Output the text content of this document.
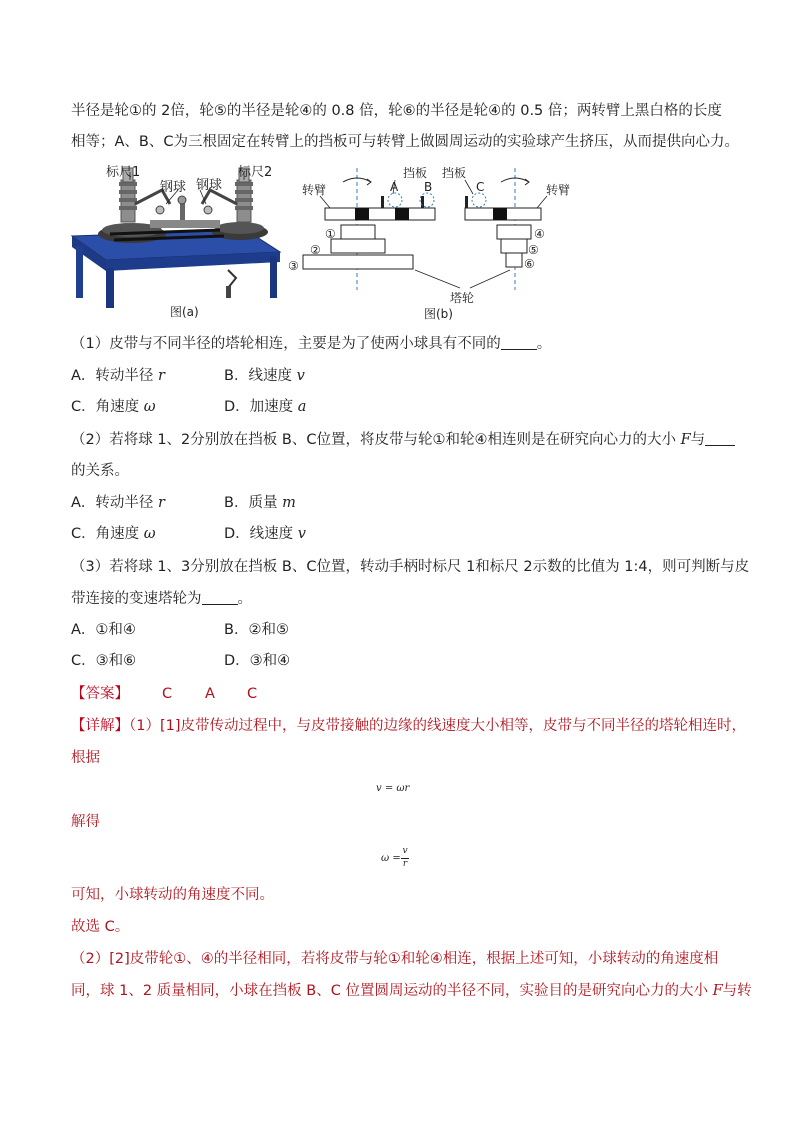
半径是轮①的 2倍，轮⑤的半径是轮④的 0.8 倍，轮⑥的半径是轮④的 0.5 倍；两转臂上黑白格的长度
相等；A、B、C为三根固定在转臂上的挡板可与转臂上做圆周运动的实验球产生挤压，从而提供向心力。
标尺1	标尺2
钢球 钢球
图(a)
转臂	转臂
挡板 挡板
A B	C
①
②
③
④
⑤
⑥
塔轮
图(b)
（1）皮带与不同半径的塔轮相连，主要是为了使两小球具有不同的 。
A．转动半径 r	B．线速度 v
C．角速度 ω	D．加速度 a
（2）若将球 1、2分别放在挡板 B、C位置，将皮带与轮①和轮④相连则是在研究向心力的大小 F与
的关系。
A．转动半径 r	B．质量 m
C．角速度 ω	D．线速度 v
（3）若将球 1、3分别放在挡板 B、C位置，转动手柄时标尺 1和标尺 2示数的比值为 1:4，则可判断与皮
带连接的变速塔轮为 。
A．①和④	B．②和⑤
C．③和⑥	D．③和④
【答案】 C A C
【详解】（1）[1]皮带传动过程中，与皮带接触的边缘的线速度大小相等，皮带与不同半径的塔轮相连时，
根据
v = ωr
解得
ω =
v
r
可知，小球转动的角速度不同。
故选 C。
（2）[2]皮带轮①、④的半径相同，若将皮带与轮①和轮④相连，根据上述可知，小球转动的角速度相
同，球 1、2 质量相同，小球在挡板 B、C 位置圆周运动的半径不同，实验目的是研究向心力的大小 F与转
